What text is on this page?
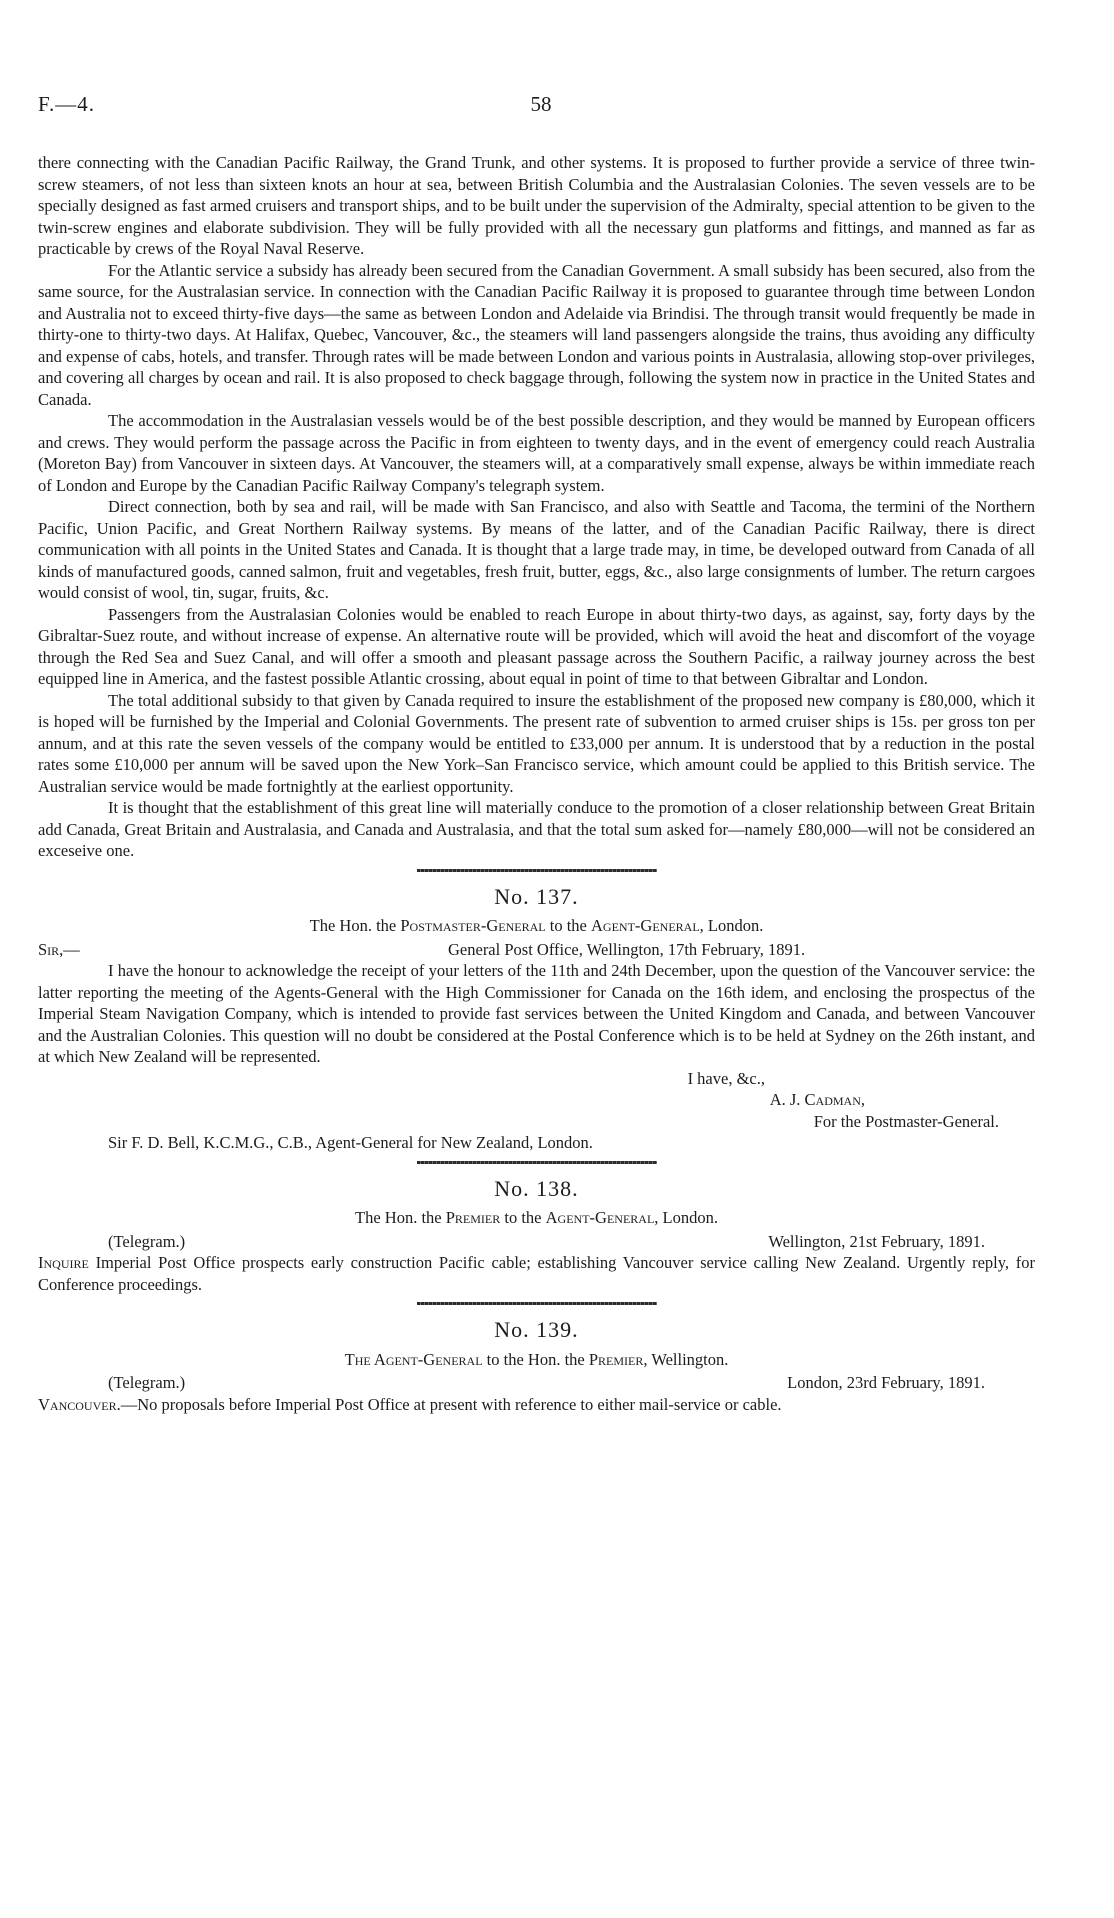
F.—4.	58

there connecting with the Canadian Pacific Railway, the Grand Trunk, and other systems. It is proposed to further provide a service of three twin-screw steamers, of not less than sixteen knots an hour at sea, between British Columbia and the Australasian Colonies. The seven vessels are to be specially designed as fast armed cruisers and transport ships, and to be built under the supervision of the Admiralty, special attention to be given to the twin-screw engines and elaborate subdivision. They will be fully provided with all the necessary gun platforms and fittings, and manned as far as practicable by crews of the Royal Naval Reserve.

For the Atlantic service a subsidy has already been secured from the Canadian Government. A small subsidy has been secured, also from the same source, for the Australasian service. In connection with the Canadian Pacific Railway it is proposed to guarantee through time between London and Australia not to exceed thirty-five days—the same as between London and Adelaide via Brindisi. The through transit would frequently be made in thirty-one to thirty-two days. At Halifax, Quebec, Vancouver, &c., the steamers will land passengers alongside the trains, thus avoiding any difficulty and expense of cabs, hotels, and transfer. Through rates will be made between London and various points in Australasia, allowing stop-over privileges, and covering all charges by ocean and rail. It is also proposed to check baggage through, following the system now in practice in the United States and Canada.

The accommodation in the Australasian vessels would be of the best possible description, and they would be manned by European officers and crews. They would perform the passage across the Pacific in from eighteen to twenty days, and in the event of emergency could reach Australia (Moreton Bay) from Vancouver in sixteen days. At Vancouver, the steamers will, at a comparatively small expense, always be within immediate reach of London and Europe by the Canadian Pacific Railway Company's telegraph system.

Direct connection, both by sea and rail, will be made with San Francisco, and also with Seattle and Tacoma, the termini of the Northern Pacific, Union Pacific, and Great Northern Railway systems. By means of the latter, and of the Canadian Pacific Railway, there is direct communication with all points in the United States and Canada. It is thought that a large trade may, in time, be developed outward from Canada of all kinds of manufactured goods, canned salmon, fruit and vegetables, fresh fruit, butter, eggs, &c., also large consignments of lumber. The return cargoes would consist of wool, tin, sugar, fruits, &c.

Passengers from the Australasian Colonies would be enabled to reach Europe in about thirty-two days, as against, say, forty days by the Gibraltar-Suez route, and without increase of expense. An alternative route will be provided, which will avoid the heat and discomfort of the voyage through the Red Sea and Suez Canal, and will offer a smooth and pleasant passage across the Southern Pacific, a railway journey across the best equipped line in America, and the fastest possible Atlantic crossing, about equal in point of time to that between Gibraltar and London.

The total additional subsidy to that given by Canada required to insure the establishment of the proposed new company is £80,000, which it is hoped will be furnished by the Imperial and Colonial Governments. The present rate of subvention to armed cruiser ships is 15s. per gross ton per annum, and at this rate the seven vessels of the company would be entitled to £33,000 per annum. It is understood that by a reduction in the postal rates some £10,000 per annum will be saved upon the New York–San Francisco service, which amount could be applied to this British service. The Australian service would be made fortnightly at the earliest opportunity.

It is thought that the establishment of this great line will materially conduce to the promotion of a closer relationship between Great Britain add Canada, Great Britain and Australasia, and Canada and Australasia, and that the total sum asked for—namely £80,000—will not be considered an exceseive one.

No. 137.
The Hon. the Postmaster-General to the Agent-General, London.
Sir,—	General Post Office, Wellington, 17th February, 1891.

I have the honour to acknowledge the receipt of your letters of the 11th and 24th December, upon the question of the Vancouver service: the latter reporting the meeting of the Agents-General with the High Commissioner for Canada on the 16th idem, and enclosing the prospectus of the Imperial Steam Navigation Company, which is intended to provide fast services between the United Kingdom and Canada, and between Vancouver and the Australian Colonies. This question will no doubt be considered at the Postal Conference which is to be held at Sydney on the 26th instant, and at which New Zealand will be represented.

I have, &c.,
A. J. Cadman,
For the Postmaster-General.
Sir F. D. Bell, K.C.M.G., C.B., Agent-General for New Zealand, London.
No. 138.
The Hon. the Premier to the Agent-General, London.
(Telegram.)	Wellington, 21st February, 1891.

Inquire Imperial Post Office prospects early construction Pacific cable; establishing Vancouver service calling New Zealand. Urgently reply, for Conference proceedings.

No. 139.
The Agent-General to the Hon. the Premier, Wellington.
(Telegram.)	London, 23rd February, 1891.

Vancouver.—No proposals before Imperial Post Office at present with reference to either mail-service or cable.
